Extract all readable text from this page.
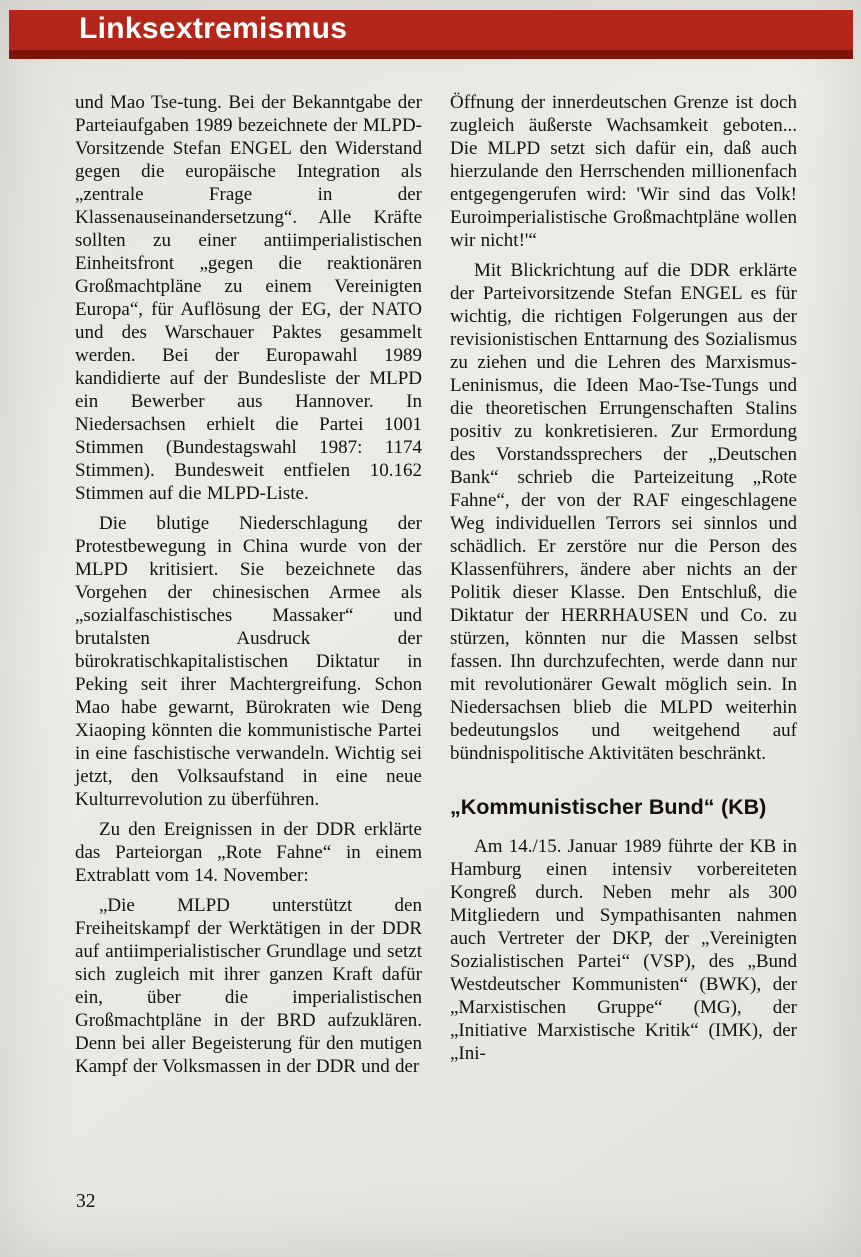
Linksextremismus

und Mao Tse-tung. Bei der Bekanntgabe der Parteiaufgaben 1989 bezeichnete der MLPD-Vorsitzende Stefan ENGEL den Widerstand gegen die europäische Integration als „zentrale Frage in der Klassenauseinandersetzung“. Alle Kräfte sollten zu einer antiimperialistischen Einheitsfront „gegen die reaktionären Großmachtpläne zu einem Vereinigten Europa“, für Auflösung der EG, der NATO und des Warschauer Paktes gesammelt werden. Bei der Europawahl 1989 kandidierte auf der Bundesliste der MLPD ein Bewerber aus Hannover. In Niedersachsen erhielt die Partei 1001 Stimmen (Bundestagswahl 1987: 1174 Stimmen). Bundesweit entfielen 10.162 Stimmen auf die MLPD-Liste.

Die blutige Niederschlagung der Protestbewegung in China wurde von der MLPD kritisiert. Sie bezeichnete das Vorgehen der chinesischen Armee als „sozialfaschistisches Massaker“ und brutalsten Ausdruck der bürokratischkapitalistischen Diktatur in Peking seit ihrer Machtergreifung. Schon Mao habe gewarnt, Bürokraten wie Deng Xiaoping könnten die kommunistische Partei in eine faschistische verwandeln. Wichtig sei jetzt, den Volksaufstand in eine neue Kulturrevolution zu überführen.

Zu den Ereignissen in der DDR erklärte das Parteiorgan „Rote Fahne“ in einem Extrablatt vom 14. November:

„Die MLPD unterstützt den Freiheitskampf der Werktätigen in der DDR auf antiimperialistischer Grundlage und setzt sich zugleich mit ihrer ganzen Kraft dafür ein, über die imperialistischen Großmachtpläne in der BRD aufzuklären. Denn bei aller Begeisterung für den mutigen Kampf der Volksmassen in der DDR und der

Öffnung der innerdeutschen Grenze ist doch zugleich äußerste Wachsamkeit geboten... Die MLPD setzt sich dafür ein, daß auch hierzulande den Herrschenden millionenfach entgegengerufen wird: 'Wir sind das Volk! Euroimperialistische Großmachtpläne wollen wir nicht!'“

Mit Blickrichtung auf die DDR erklärte der Parteivorsitzende Stefan ENGEL es für wichtig, die richtigen Folgerungen aus der revisionistischen Enttarnung des Sozialismus zu ziehen und die Lehren des Marxismus-Leninismus, die Ideen Mao-Tse-Tungs und die theoretischen Errungenschaften Stalins positiv zu konkretisieren. Zur Ermordung des Vorstandssprechers der „Deutschen Bank“ schrieb die Parteizeitung „Rote Fahne“, der von der RAF eingeschlagene Weg individuellen Terrors sei sinnlos und schädlich. Er zerstöre nur die Person des Klassenführers, ändere aber nichts an der Politik dieser Klasse. Den Entschluß, die Diktatur der HERRHAUSEN und Co. zu stürzen, könnten nur die Massen selbst fassen. Ihn durchzufechten, werde dann nur mit revolutionärer Gewalt möglich sein. In Niedersachsen blieb die MLPD weiterhin bedeutungslos und weitgehend auf bündnispolitische Aktivitäten beschränkt.

„Kommunistischer Bund“ (KB)

Am 14./15. Januar 1989 führte der KB in Hamburg einen intensiv vorbereiteten Kongreß durch. Neben mehr als 300 Mitgliedern und Sympathisanten nahmen auch Vertreter der DKP, der „Vereinigten Sozialistischen Partei“ (VSP), des „Bund Westdeutscher Kommunisten“ (BWK), der „Marxistischen Gruppe“ (MG), der „Initiative Marxistische Kritik“ (IMK), der „Ini-

32
